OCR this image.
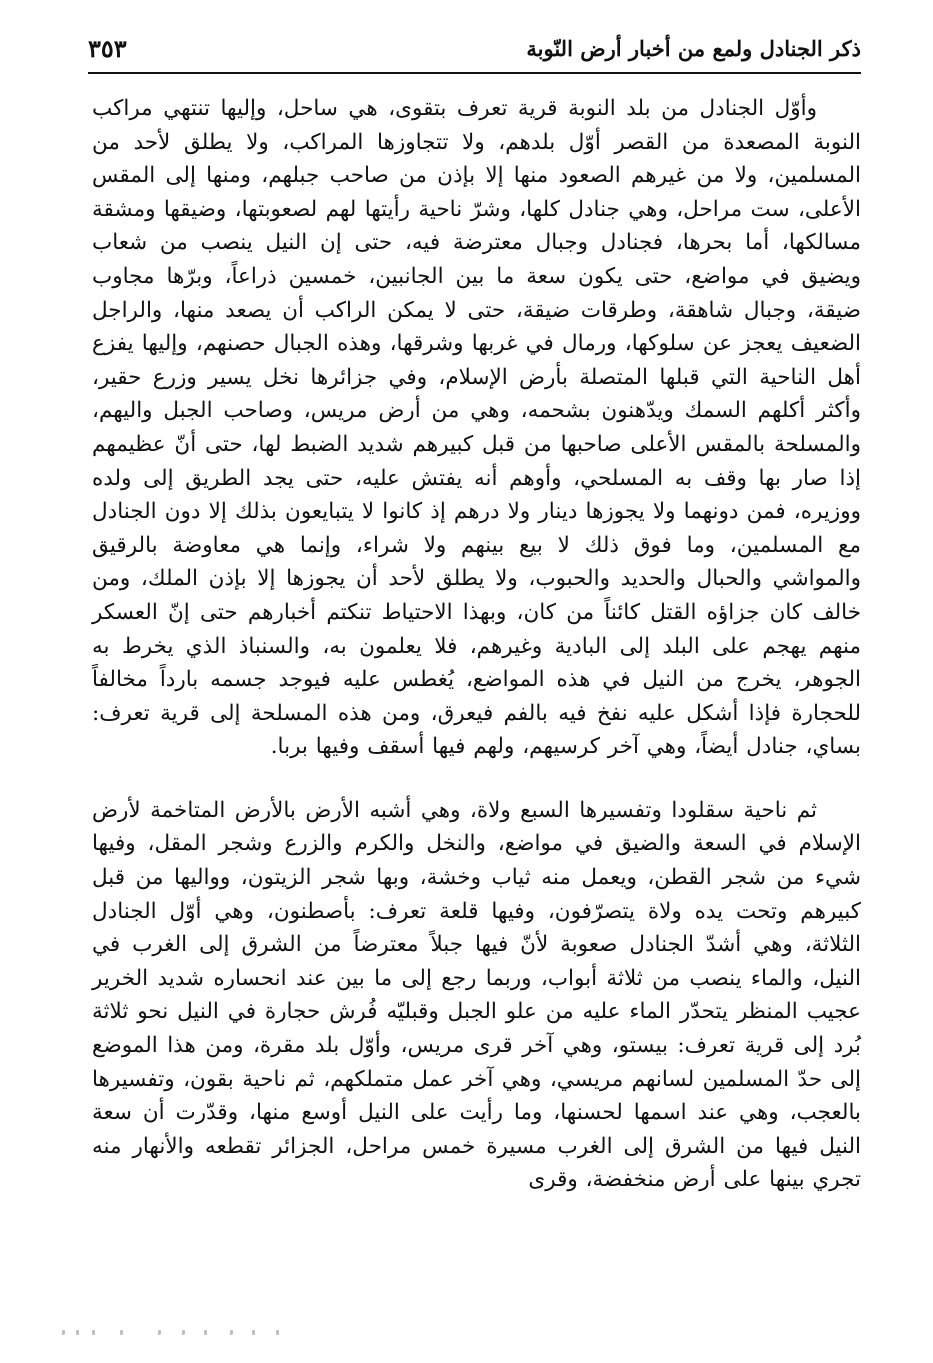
ذكر الجنادل ولمع من أخبار أرض النّوبة
٣٥٣

وأوّل الجنادل من بلد النوبة قرية تعرف بتقوى، هي ساحل، وإليها تنتهي مراكب النوبة المصعدة من القصر أوّل بلدهم، ولا تتجاوزها المراكب، ولا يطلق لأحد من المسلمين، ولا من غيرهم الصعود منها إلا بإذن من صاحب جبلهم، ومنها إلى المقس الأعلى، ست مراحل، وهي جنادل كلها، وشرّ ناحية رأيتها لهم لصعوبتها، وضيقها ومشقة مسالكها، أما بحرها، فجنادل وجبال معترضة فيه، حتى إن النيل ينصب من شعاب ويضيق في مواضع، حتى يكون سعة ما بين الجانبين، خمسين ذراعاً، وبرّها مجاوب ضيقة، وجبال شاهقة، وطرقات ضيقة، حتى لا يمكن الراكب أن يصعد منها، والراجل الضعيف يعجز عن سلوكها، ورمال في غربها وشرقها، وهذه الجبال حصنهم، وإليها يفزع أهل الناحية التي قبلها المتصلة بأرض الإسلام، وفي جزائرها نخل يسير وزرع حقير، وأكثر أكلهم السمك ويدّهنون بشحمه، وهي من أرض مريس، وصاحب الجبل واليهم، والمسلحة بالمقس الأعلى صاحبها من قبل كبيرهم شديد الضبط لها، حتى أنّ عظيمهم إذا صار بها وقف به المسلحي، وأوهم أنه يفتش عليه، حتى يجد الطريق إلى ولده ووزيره، فمن دونهما ولا يجوزها دينار ولا درهم إذ كانوا لا يتبايعون بذلك إلا دون الجنادل مع المسلمين، وما فوق ذلك لا بيع بينهم ولا شراء، وإنما هي معاوضة بالرقيق والمواشي والحبال والحديد والحبوب، ولا يطلق لأحد أن يجوزها إلا بإذن الملك، ومن خالف كان جزاؤه القتل كائناً من كان، وبهذا الاحتياط تنكتم أخبارهم حتى إنّ العسكر منهم يهجم على البلد إلى البادية وغيرهم، فلا يعلمون به، والسنباذ الذي يخرط به الجوهر، يخرج من النيل في هذه المواضع، يُغطس عليه فيوجد جسمه بارداً مخالفاً للحجارة فإذا أشكل عليه نفخ فيه بالفم فيعرق، ومن هذه المسلحة إلى قرية تعرف: بساي، جنادل أيضاً، وهي آخر كرسيهم، ولهم فيها أسقف وفيها بربا.

ثم ناحية سقلودا وتفسيرها السبع ولاة، وهي أشبه الأرض بالأرض المتاخمة لأرض الإسلام في السعة والضيق في مواضع، والنخل والكرم والزرع وشجر المقل، وفيها شيء من شجر القطن، ويعمل منه ثياب وخشة، وبها شجر الزيتون، وواليها من قبل كبيرهم وتحت يده ولاة يتصرّفون، وفيها قلعة تعرف: بأصطنون، وهي أوّل الجنادل الثلاثة، وهي أشدّ الجنادل صعوبة لأنّ فيها جبلاً معترضاً من الشرق إلى الغرب في النيل، والماء ينصب من ثلاثة أبواب، وربما رجع إلى ما بين عند انحساره شديد الخرير عجيب المنظر يتحدّر الماء عليه من علو الجبل وقبليّه فُرش حجارة في النيل نحو ثلاثة بُرد إلى قرية تعرف: بيستو، وهي آخر قرى مريس، وأوّل بلد مقرة، ومن هذا الموضع إلى حدّ المسلمين لسانهم مريسي، وهي آخر عمل متملكهم، ثم ناحية بقون، وتفسيرها بالعجب، وهي عند اسمها لحسنها، وما رأيت على النيل أوسع منها، وقدّرت أن سعة النيل فيها من الشرق إلى الغرب مسيرة خمس مراحل، الجزائر تقطعه والأنهار منه تجري بينها على أرض منخفضة، وقرى
